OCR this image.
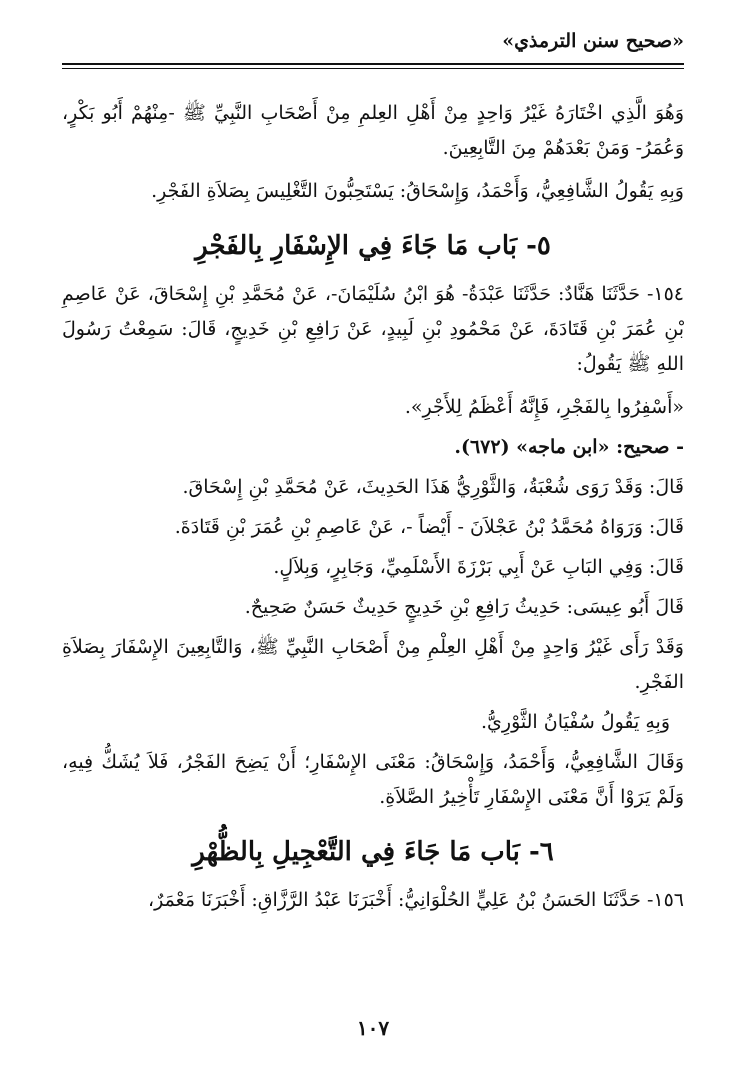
«صحيح سنن الترمذي»

وَهُوَ الَّذِي اخْتَارَهُ غَيْرُ وَاحِدٍ مِنْ أَهْلِ العِلمِ مِنْ أَصْحَابِ النَّبِيِّ ﷺ -مِنْهُمْ أَبُو بَكْرٍ، وَعُمَرُ- وَمَنْ بَعْدَهُمْ مِنَ التَّابِعِينَ.

وَبِهِ يَقُولُ الشَّافِعِيُّ، وَأَحْمَدُ، وَإِسْحَاقُ: يَسْتَحِبُّونَ التَّغْلِيسَ بِصَلاَةِ الفَجْرِ.

٥- بَاب مَا جَاءَ فِي الإِسْفَارِ بِالفَجْرِ

١٥٤- حَدَّثَنَا هَنَّادٌ: حَدَّثَنَا عَبْدَةُ- هُوَ ابْنُ سُلَيْمَانَ-، عَنْ مُحَمَّدِ بْنِ إِسْحَاقَ، عَنْ عَاصِمِ بْنِ عُمَرَ بْنِ قَتَادَةَ، عَنْ مَحْمُودِ بْنِ لَبِيدٍ، عَنْ رَافِعِ بْنِ خَدِيجٍ، قَالَ: سَمِعْتُ رَسُولَ اللهِ ﷺ يَقُولُ:

«أَسْفِرُوا بِالفَجْرِ، فَإِنَّهُ أَعْظَمُ لِلأَجْرِ».

- صحيح: «ابن ماجه» (٦٧٢).

قَالَ: وَقَدْ رَوَى شُعْبَةُ، وَالثَّوْرِيُّ هَذَا الحَدِيثَ، عَنْ مُحَمَّدِ بْنِ إِسْحَاقَ.

قَالَ: وَرَوَاهُ مُحَمَّدُ بْنُ عَجْلاَنَ - أَيْضاً -، عَنْ عَاصِمِ بْنِ عُمَرَ بْنِ قَتَادَةَ.

قَالَ: وَفِي البَابِ عَنْ أَبِي بَرْزَةَ الأَسْلَمِيِّ، وَجَابِرٍ، وَبِلاَلٍ.

قَالَ أَبُو عِيسَى: حَدِيثُ رَافِعِ بْنِ خَدِيجٍ حَدِيثٌ حَسَنٌ صَحِيحٌ.

وَقَدْ رَأَى غَيْرُ وَاحِدٍ مِنْ أَهْلِ العِلْمِ مِنْ أَصْحَابِ النَّبِيِّ ﷺ، وَالتَّابِعِينَ الإِسْفَارَ بِصَلاَةِ الفَجْرِ.

وَبِهِ يَقُولُ سُفْيَانُ الثَّوْرِيُّ.

وَقَالَ الشَّافِعِيُّ، وَأَحْمَدُ، وَإِسْحَاقُ: مَعْنَى الإِسْفَارِ؛ أَنْ يَضِحَ الفَجْرُ، فَلاَ يُشَكُّ فِيهِ، وَلَمْ يَرَوْا أَنَّ مَعْنَى الإِسْفَارِ تَأْخِيرُ الصَّلاَةِ.

٦- بَاب مَا جَاءَ فِي التَّعْجِيلِ بِالظُّهْرِ

١٥٦- حَدَّثَنَا الحَسَنُ بْنُ عَلِيٍّ الحُلْوَانِيُّ: أَخْبَرَنَا عَبْدُ الرَّزَّاقِ: أَخْبَرَنَا مَعْمَرٌ،

١٠٧
